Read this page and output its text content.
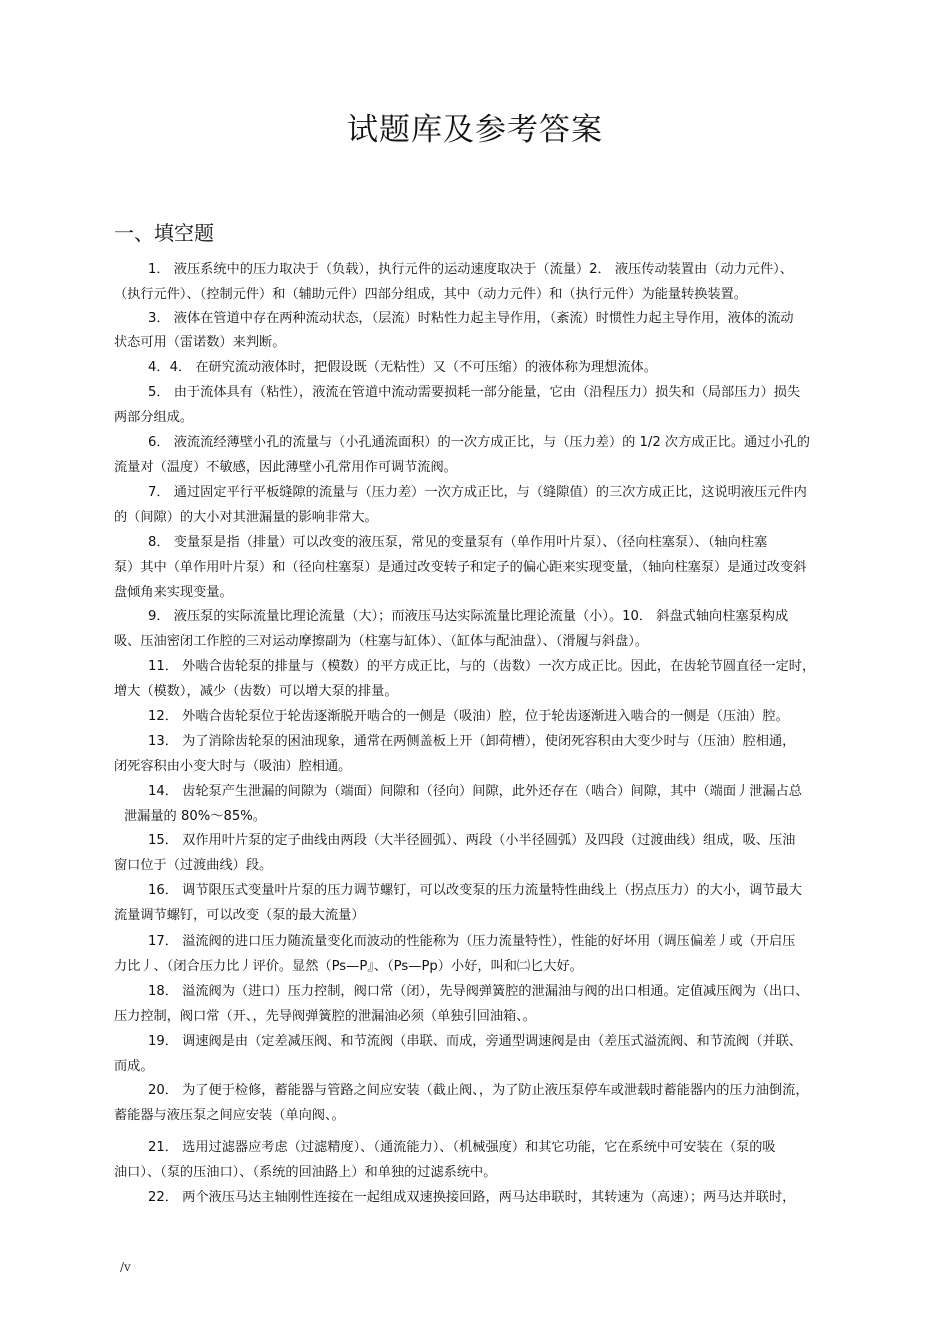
试题库及参考答案
一、填空题
1． 液压系统中的压力取决于（负载），执行元件的运动速度取决于（流量）2． 液压传动装置由（动力元件）、
（执行元件）、（控制元件）和（辅助元件）四部分组成，其中（动力元件）和（执行元件）为能量转换装置。
3． 液体在管道中存在两种流动状态，（层流）时粘性力起主导作用，（紊流）时惯性力起主导作用，液体的流动
状态可用（雷诺数）来判断。
4．4． 在研究流动液体时，把假设既（无粘性）又（不可压缩）的液体称为理想流体。
5． 由于流体具有（粘性），液流在管道中流动需要损耗一部分能量，它由（沿程压力）损失和（局部压力）损失
两部分组成。
6． 液流流经薄壁小孔的流量与（小孔通流面积）的一次方成正比，与（压力差）的 1/2 次方成正比。通过小孔的
流量对（温度）不敏感，因此薄壁小孔常用作可调节流阀。
7． 通过固定平行平板缝隙的流量与（压力差）一次方成正比，与（缝隙值）的三次方成正比，这说明液压元件内
的（间隙）的大小对其泄漏量的影响非常大。
8． 变量泵是指（排量）可以改变的液压泵，常见的变量泵有（单作用叶片泵）、（径向柱塞泵）、（轴向柱塞
泵）其中（单作用叶片泵）和（径向柱塞泵）是通过改变转子和定子的偏心距来实现变量，（轴向柱塞泵）是通过改变斜
盘倾角来实现变量。
9． 液压泵的实际流量比理论流量（大）；而液压马达实际流量比理论流量（小）。10． 斜盘式轴向柱塞泵构成
吸、压油密闭工作腔的三对运动摩擦副为（柱塞与缸体）、（缸体与配油盘）、（滑履与斜盘）。
11． 外啮合齿轮泵的排量与（模数）的平方成正比，与的（齿数）一次方成正比。因此，在齿轮节圆直径一定时，
增大（模数），减少（齿数）可以增大泵的排量。
12． 外啮合齿轮泵位于轮齿逐渐脱开啮合的一侧是（吸油）腔，位于轮齿逐渐进入啮合的一侧是（压油）腔。
13． 为了消除齿轮泵的困油现象，通常在两侧盖板上开（卸荷槽），使闭死容积由大变少时与（压油）腔相通，
闭死容积由小变大时与（吸油）腔相通。
14． 齿轮泵产生泄漏的间隙为（端面）间隙和（径向）间隙，此外还存在（啮合）间隙，其中（端面丿泄漏占总
泄漏量的 80%～85%。
15． 双作用叶片泵的定子曲线由两段（大半径圆弧）、两段（小半径圆弧）及四段（过渡曲线）组成，吸、压油
窗口位于（过渡曲线）段。
16． 调节限压式变量叶片泵的压力调节螺钉，可以改变泵的压力流量特性曲线上（拐点压力）的大小，调节最大
流量调节螺钉，可以改变（泵的最大流量）
17． 溢流阀的进口压力随流量变化而波动的性能称为（压力流量特性），性能的好坏用（调压偏差丿或（开启压
力比丿、（闭合压力比丿评价。显然（Ps—P』、（Ps—Pp）小好，叫和㈡匕大好。
18． 溢流阀为（进口）压力控制，阀口常（闭），先导阀弹簧腔的泄漏油与阀的出口相通。定值减压阀为（出口、
压力控制，阀口常（开、，先导阀弹簧腔的泄漏油必须（单独引回油箱、。
19． 调速阀是由（定差减压阀、和节流阀（串联、而成，旁通型调速阀是由（差压式溢流阀、和节流阀（并联、
而成。
20． 为了便于检修，蓄能器与管路之间应安装（截止阀、，为了防止液压泵停车或泄载时蓄能器内的压力油倒流，
蓄能器与液压泵之间应安装（单向阀、。
21． 选用过滤器应考虑（过滤精度）、（通流能力）、（机械强度）和其它功能，它在系统中可安装在（泵的吸
油口）、（泵的压油口）、（系统的回油路上）和单独的过滤系统中。
22． 两个液压马达主轴刚性连接在一起组成双速换接回路，两马达串联时，其转速为（高速）；两马达并联时，
/v
